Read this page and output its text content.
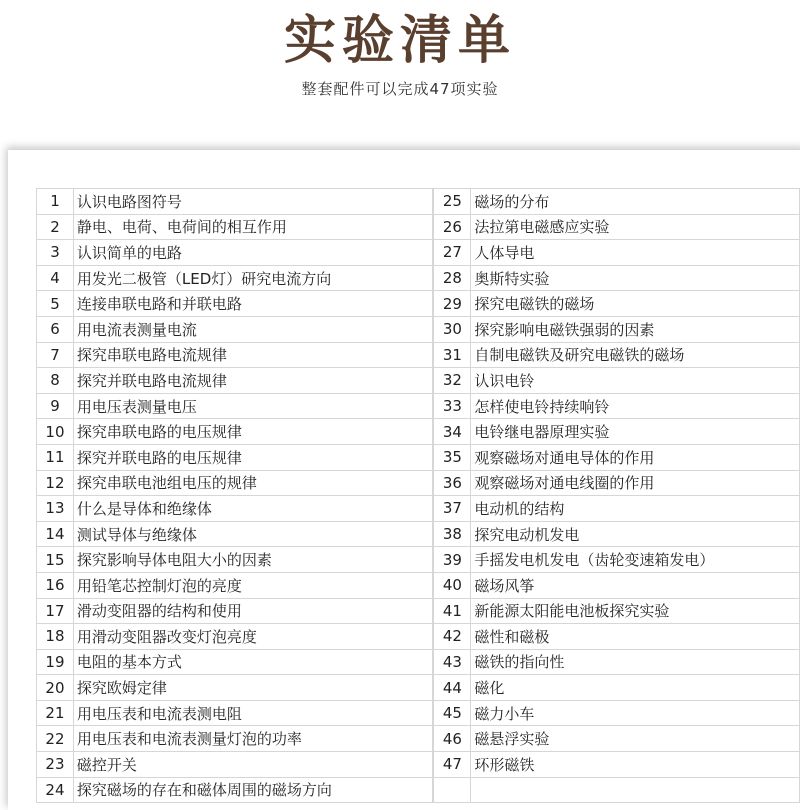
实验清单
整套配件可以完成47项实验
1	认识电路图符号
2	静电、电荷、电荷间的相互作用
3	认识简单的电路
4	用发光二极管（LED灯）研究电流方向
5	连接串联电路和并联电路
6	用电流表测量电流
7	探究串联电路电流规律
8	探究并联电路电流规律
9	用电压表测量电压
10	探究串联电路的电压规律
11	探究并联电路的电压规律
12	探究串联电池组电压的规律
13	什么是导体和绝缘体
14	测试导体与绝缘体
15	探究影响导体电阻大小的因素
16	用铅笔芯控制灯泡的亮度
17	滑动变阻器的结构和使用
18	用滑动变阻器改变灯泡亮度
19	电阻的基本方式
20	探究欧姆定律
21	用电压表和电流表测电阻
22	用电压表和电流表测量灯泡的功率
23	磁控开关
24	探究磁场的存在和磁体周围的磁场方向
25	磁场的分布
26	法拉第电磁感应实验
27	人体导电
28	奥斯特实验
29	探究电磁铁的磁场
30	探究影响电磁铁强弱的因素
31	自制电磁铁及研究电磁铁的磁场
32	认识电铃
33	怎样使电铃持续响铃
34	电铃继电器原理实验
35	观察磁场对通电导体的作用
36	观察磁场对通电线圈的作用
37	电动机的结构
38	探究电动机发电
39	手摇发电机发电（齿轮变速箱发电）
40	磁场风筝
41	新能源太阳能电池板探究实验
42	磁性和磁极
43	磁铁的指向性
44	磁化
45	磁力小车
46	磁悬浮实验
47	环形磁铁
